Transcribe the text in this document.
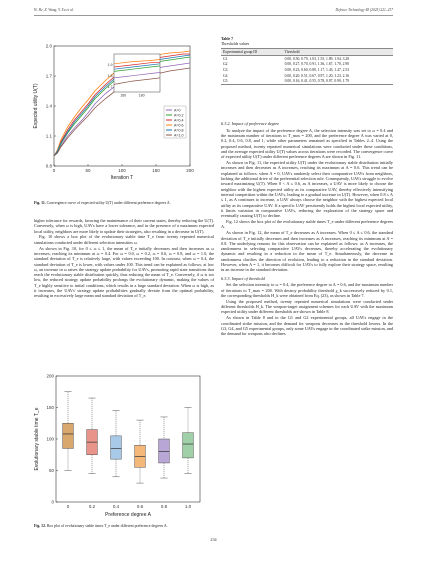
W. He, Z. Wang, Y. Xu et al.	Defence Technology 48 (2025) 221–237
0	50	100	150	200
0.8
1.1
1.4
1.7
2.0
Iteration T
Expected utility U(T)	160	180
1.7
1.8
1.9
A=0
A=0.2
A=0.4
A=0.6
A=0.8
A=1.0
Fig. 11. Convergence curve of expected utility U(T) under different preference degrees A.

higher tolerance for rewards, favoring the maintenance of their current states, thereby reducing the U(T). Conversely, when ω is high, UAVs have a lower tolerance, and in the presence of a maximum expected local utility, neighbors are more likely to update their strategies, also resulting in a decrease in U(T).

Fig. 10 shows a box plot of the evolutionary stable time T_e from twenty repeated numerical simulations conducted under different selection intensities ω.

As shown in Fig. 10, for 0 ≤ ω ≤ 1, the mean of T_e initially decreases and then increases as ω increases, reaching its minimum at ω = 0.4. For ω = 0.0, ω = 0.2, ω = 0.6, ω = 0.8, and ω = 1.0, the standard deviation of T_e is relatively large, with values exceeding 100. In contrast, when ω = 0.4, the standard deviation of T_e is lower, with values under 100. This trend can be explained as follows: at low ω, an increase in ω raises the strategy update probability for UAVs, promoting rapid state transitions that reach the evolutionary stable distribution quickly, thus reducing the mean of T_e. Conversely, if ω is too low, the reduced strategy update probability prolongs the evolutionary dynamic, making the values of T_e highly sensitive to initial conditions, which results in a large standard deviation. When ω is high, as it increases, the UAVs' strategy update probabilities gradually deviate from the optimal probability, resulting in excessively large mean and standard deviation of T_e.

0
50
100
150
200
Preference degree A
Evolutionary stable time T_e
0	0.2	0.4	0.6	0.8	1.0
Fig. 12. Box plot of evolutionary stable times T_e under different preference degrees A.
Table 7
Thresholds values
Experimental group ID	Threshold
G1	0.00, 0.50, 0.79, 1.03, 1.55, 1.89, 1.94, 3.28
G2	0.00, 0.27, 0.70, 0.91, 1.36, 1.67, 1.70, 2.90
G3	0.00, 0.23, 0.60, 0.80, 1.17, 1.43, 1.47, 2.53
G4	0.00, 0.20, 0.51, 0.67, 0.97, 1.20, 1.23, 2.16
G5	0.00, 0.16, 0.41, 0.55, 0.78, 0.97, 0.99, 1.79
6.3.2. Impact of preference degree

To analyze the impact of the preference degree A, the selection intensity was set to ω = 0.4 and the maximum number of iterations to T_max = 200, and the preference degree A was varied at 0, 0.2, 0.4, 0.6, 0.8, and 1, while other parameters remained as specified in Tables 2–4. Using the proposed method, twenty repeated numerical simulations were conducted under these conditions, and the average expected utility U(T) values across iterations were recorded. The convergence curve of expected utility U(T) under different preference degrees A are shown in Fig. 11.

As shown in Fig. 11, the expected utility U(T) under the evolutionary stable distribution initially increases and then decreases as A increases, reaching its maximum at A = 0.6. This trend can be explained as follows: when A = 0, UAVs randomly select their comparative UAVs from neighbors, lacking the additional drive of the preferential selection rule. Consequently, UAVs struggle to evolve toward maximizing U(T). When 0 < A ≤ 0.6, as A increases, a UAV is more likely to choose the neighbor with the highest expected utility as its comparative UAV, thereby effectively intensifying internal competition within the UAVs, leading to a gradual increase in U(T). However, when 0.8 ≤ A ≤ 1, as A continues to increase, a UAV always choose the neighbor with the highest expected local utility as its comparative UAV. If a specific UAV persistently holds the highest local expected utility, it limits variation in comparative UAVs, reducing the exploration of the strategy space and eventually causing U(T) to decline.

Fig. 12 shows the box plot of the evolutionary stable times T_e under different preference degrees A.

As shown in Fig. 12, the mean of T_e decreases as A increases. When 0 ≤ A ≤ 0.6, the standard deviation of T_e initially decreases and then increases as A increases, reaching its minimum at A = 0.8. The underlying reasons for this observation can be explained as follows: as A increases, the randomness in selecting comparative UAVs decreases, thereby accelerating the evolutionary dynamic and resulting in a reduction in the mean of T_e. Simultaneously, the decrease in randomness clarifies the direction of evolution, leading to a reduction in the standard deviation. However, when A = 1, it becomes difficult for UAVs to fully explore their strategy space, resulting in an increase in the standard deviation.

6.3.3. Impact of threshold

Set the selection intensity to ω = 0.4, the preference degree to A = 0.6, and the maximum number of iterations to T_max = 200. With destroy probability threshold χ_k successively reduced by 0.1, the corresponding thresholds H_k were obtained from Eq. (23), as shown in Table 7.

Using the proposed method, twenty repeated numerical simulations were conducted under different thresholds H_k. The weapon-target assignment schemes for each UAV with the maximum expected utility under different thresholds are shown in Table 8.

As shown in Table 8 and in the G1 and G2 experimental groups, all UAVs engage in the coordinated strike mission, and the demand for weapons decreases as the threshold lowers. In the G3, G4, and G5 experimental groups, only some UAVs engage in the coordinated strike mission, and the demand for weapons also declines

234
